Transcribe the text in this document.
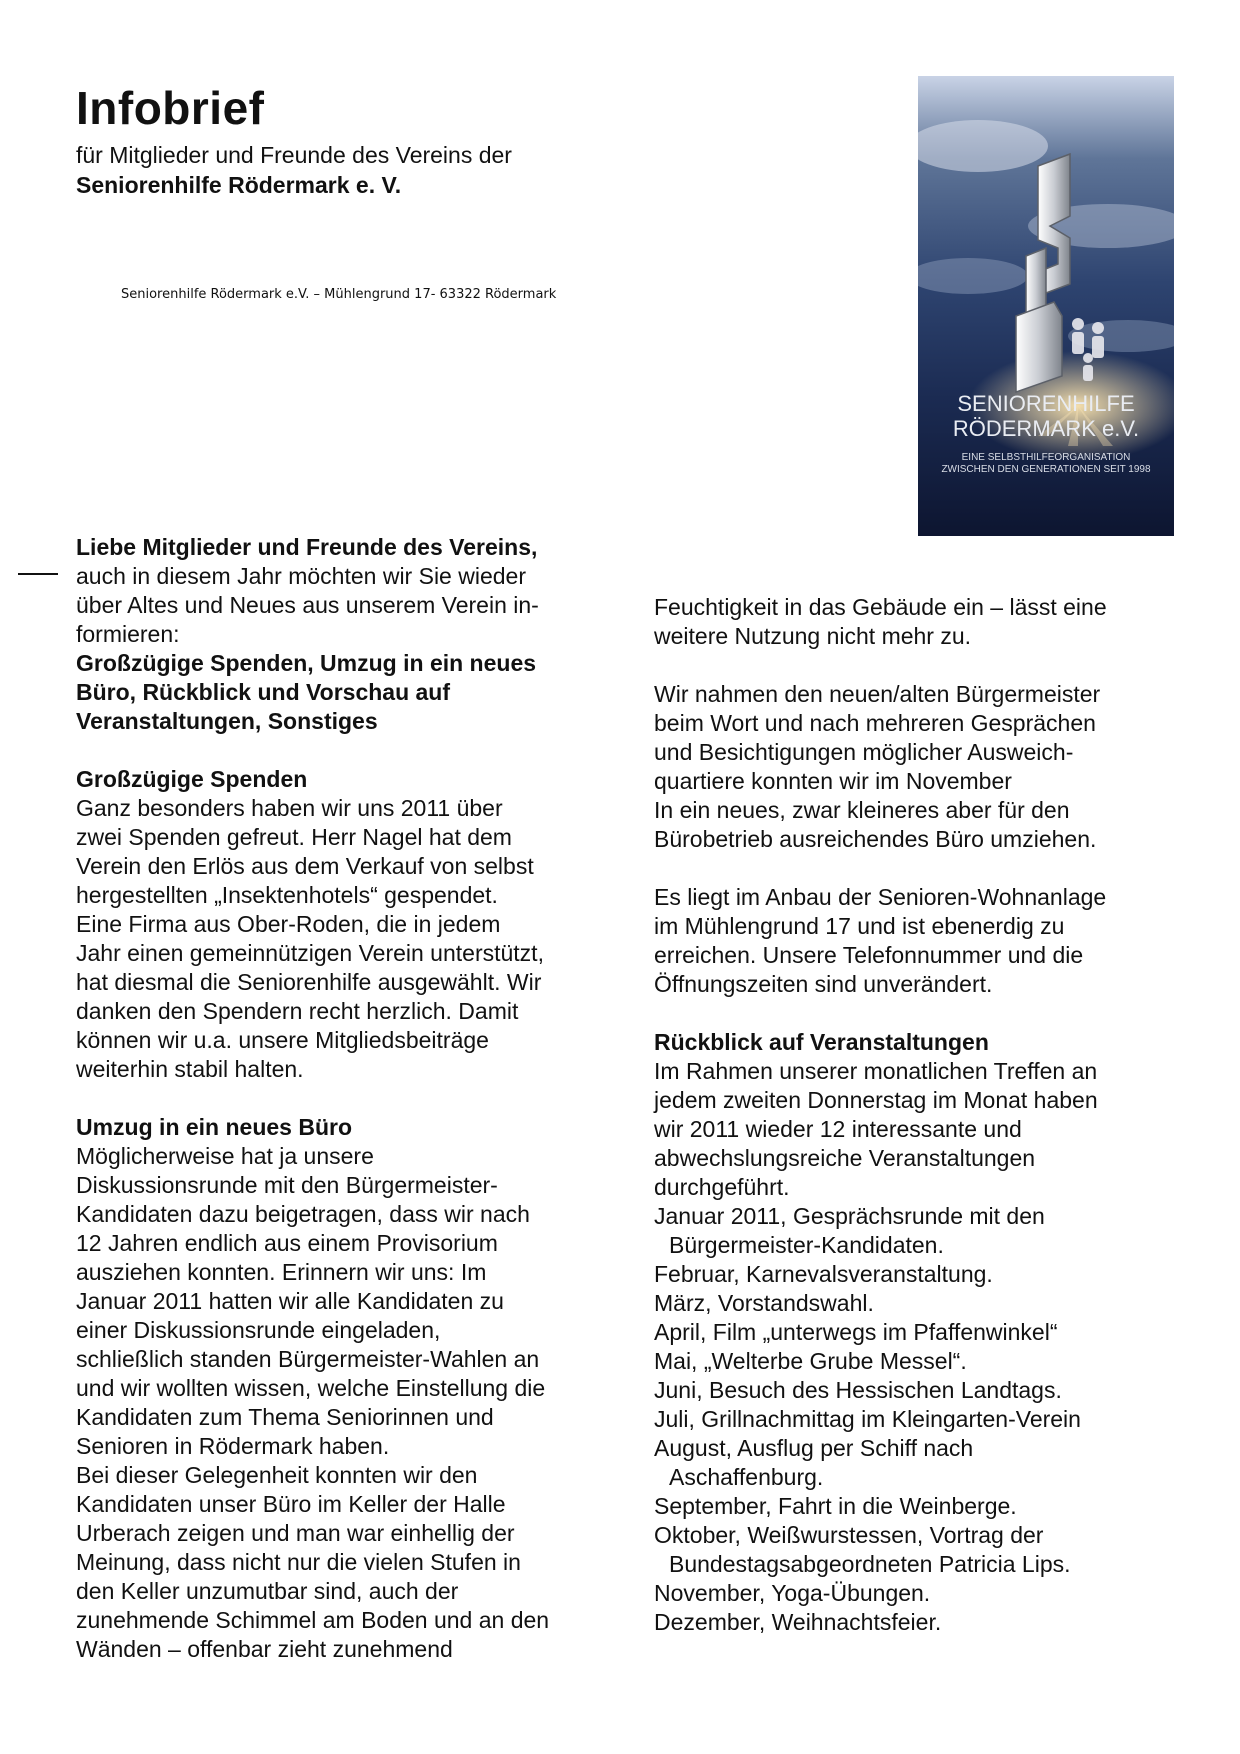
Infobrief
für Mitglieder und Freunde des Vereins der
Seniorenhilfe Rödermark e. V.
Seniorenhilfe Rödermark e.V. – Mühlengrund 17- 63322 Rödermark
SENIORENHILFE
RÖDERMARK e.V.
EINE SELBSTHILFEORGANISATION
ZWISCHEN DEN GENERATIONEN SEIT 1998

Liebe Mitglieder und Freunde des Vereins,

auch in diesem Jahr möchten wir Sie wieder

über Altes und Neues aus unserem Verein in-

formieren:

Großzügige Spenden, Umzug in ein neues

Büro, Rückblick und Vorschau auf

Veranstaltungen, Sonstiges

Großzügige Spenden

Ganz besonders haben wir uns 2011 über

zwei Spenden gefreut. Herr Nagel hat dem

Verein den Erlös aus dem Verkauf von selbst

hergestellten „Insektenhotels“ gespendet.

Eine Firma aus Ober-Roden, die in jedem

Jahr einen gemeinnützigen Verein unterstützt,

hat diesmal die Seniorenhilfe ausgewählt. Wir

danken den Spendern recht herzlich. Damit

können wir u.a. unsere Mitgliedsbeiträge

weiterhin stabil halten.

Umzug in ein neues Büro

Möglicherweise hat ja unsere

Diskussionsrunde mit den Bürgermeister-

Kandidaten dazu beigetragen, dass wir nach

12 Jahren endlich aus einem Provisorium

ausziehen konnten. Erinnern wir uns: Im

Januar 2011 hatten wir alle Kandidaten zu

einer Diskussionsrunde eingeladen,

schließlich standen Bürgermeister-Wahlen an

und wir wollten wissen, welche Einstellung die

Kandidaten zum Thema Seniorinnen und

Senioren in Rödermark haben.

Bei dieser Gelegenheit konnten wir den

Kandidaten unser Büro im Keller der Halle

Urberach zeigen und man war einhellig der

Meinung, dass nicht nur die vielen Stufen in

den Keller unzumutbar sind, auch der

zunehmende Schimmel am Boden und an den

Wänden – offenbar zieht zunehmend

Feuchtigkeit in das Gebäude ein – lässt eine

weitere Nutzung nicht mehr zu.

Wir nahmen den neuen/alten Bürgermeister

beim Wort und nach mehreren Gesprächen

und Besichtigungen möglicher Ausweich-

quartiere konnten wir im November

In ein neues, zwar kleineres aber für den

Bürobetrieb ausreichendes Büro umziehen.

Es liegt im Anbau der Senioren-Wohnanlage

im Mühlengrund 17 und ist ebenerdig zu

erreichen. Unsere Telefonnummer und die

Öffnungszeiten sind unverändert.

Rückblick auf Veranstaltungen

Im Rahmen unserer monatlichen Treffen an

jedem zweiten Donnerstag im Monat haben

wir 2011 wieder 12 interessante und

abwechslungsreiche Veranstaltungen

durchgeführt.

Januar 2011, Gesprächsrunde mit den

Bürgermeister-Kandidaten.

Februar, Karnevalsveranstaltung.

März, Vorstandswahl.

April, Film „unterwegs im Pfaffenwinkel“

Mai, „Welterbe Grube Messel“.

Juni, Besuch des Hessischen Landtags.

Juli, Grillnachmittag im Kleingarten-Verein

August, Ausflug per Schiff nach

Aschaffenburg.

September, Fahrt in die Weinberge.

Oktober, Weißwurstessen, Vortrag der

Bundestagsabgeordneten Patricia Lips.

November, Yoga-Übungen.

Dezember, Weihnachtsfeier.
